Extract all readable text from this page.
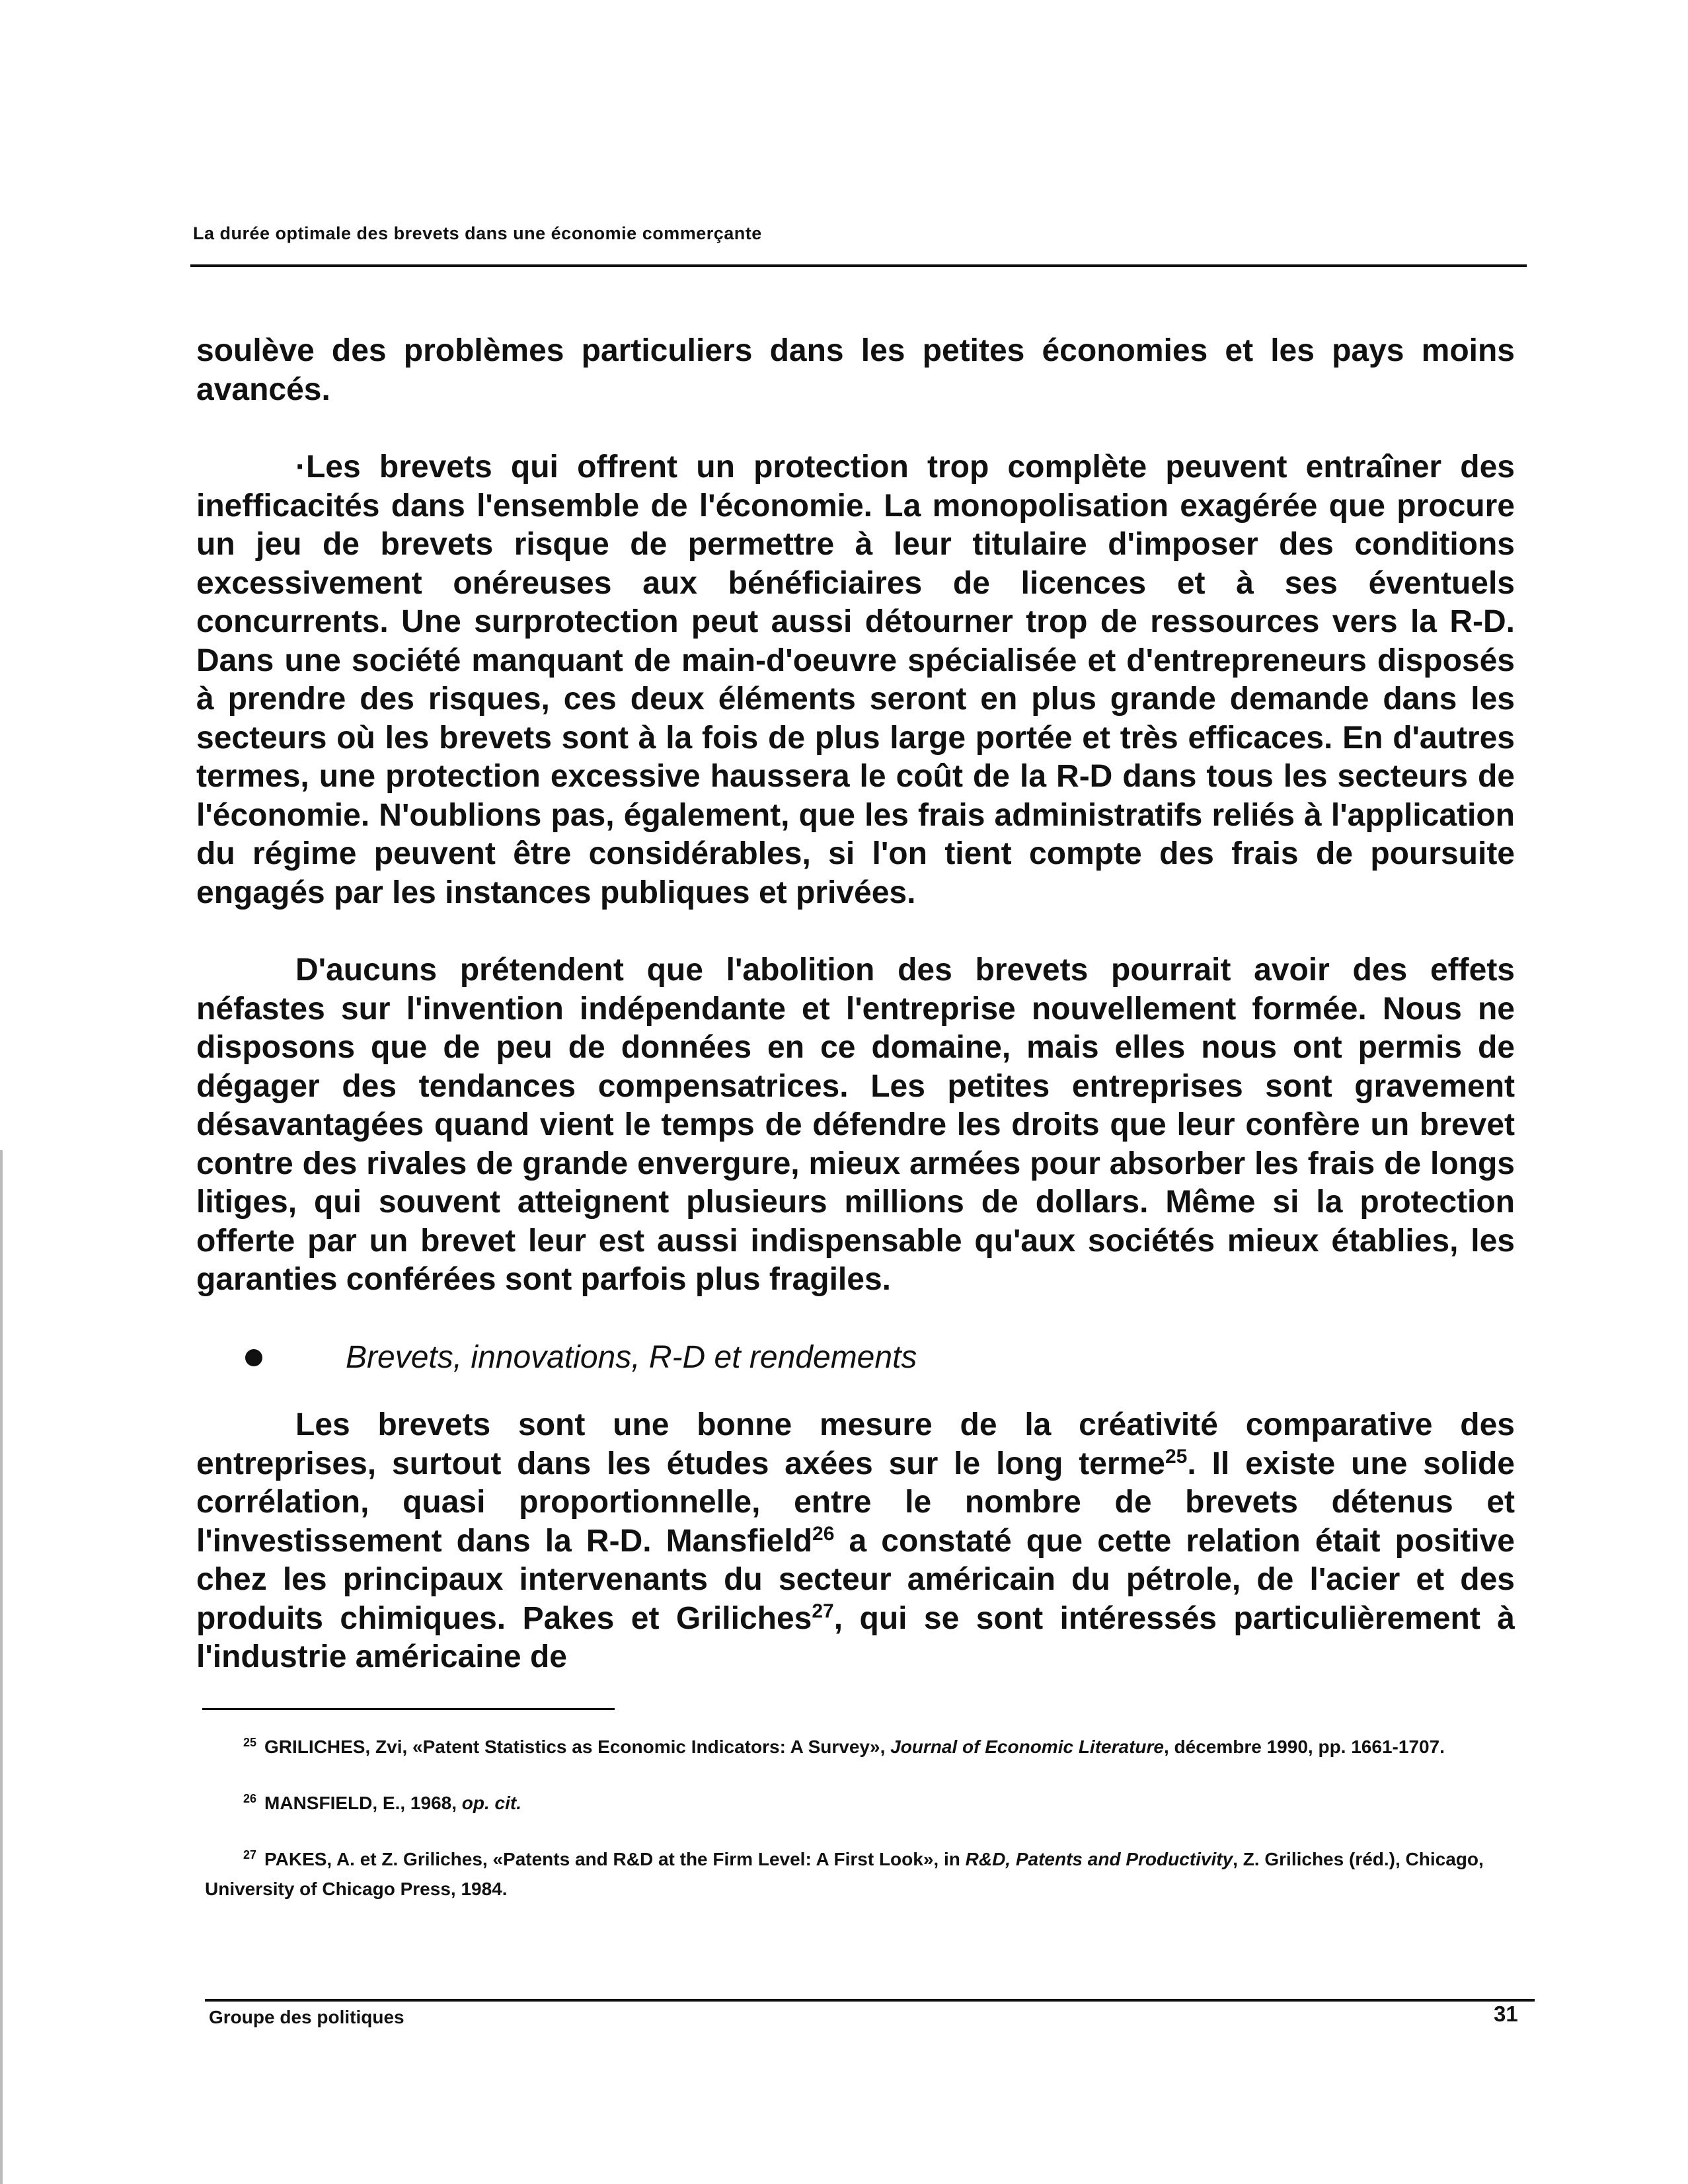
La durée optimale des brevets dans une économie commerçante

soulève des problèmes particuliers dans les petites économies et les pays moins avancés.

·Les brevets qui offrent un protection trop complète peuvent entraîner des inefficacités dans l'ensemble de l'économie. La monopolisation exagérée que procure un jeu de brevets risque de permettre à leur titulaire d'imposer des conditions excessivement onéreuses aux bénéficiaires de licences et à ses éventuels concurrents. Une surprotection peut aussi détourner trop de ressources vers la R-D. Dans une société manquant de main-d'oeuvre spécialisée et d'entrepreneurs disposés à prendre des risques, ces deux éléments seront en plus grande demande dans les secteurs où les brevets sont à la fois de plus large portée et très efficaces. En d'autres termes, une protection excessive haussera le coût de la R-D dans tous les secteurs de l'économie. N'oublions pas, également, que les frais administratifs reliés à l'application du régime peuvent être considérables, si l'on tient compte des frais de poursuite engagés par les instances publiques et privées.

D'aucuns prétendent que l'abolition des brevets pourrait avoir des effets néfastes sur l'invention indépendante et l'entreprise nouvellement formée. Nous ne disposons que de peu de données en ce domaine, mais elles nous ont permis de dégager des tendances compensatrices. Les petites entreprises sont gravement désavantagées quand vient le temps de défendre les droits que leur confère un brevet contre des rivales de grande envergure, mieux armées pour absorber les frais de longs litiges, qui souvent atteignent plusieurs millions de dollars. Même si la protection offerte par un brevet leur est aussi indispensable qu'aux sociétés mieux établies, les garanties conférées sont parfois plus fragiles.

Brevets, innovations, R-D et rendements

Les brevets sont une bonne mesure de la créativité comparative des entreprises, surtout dans les études axées sur le long terme$^{25}$. Il existe une solide corrélation, quasi proportionnelle, entre le nombre de brevets détenus et l'investissement dans la R-D. Mansfield$^{26}$ a constaté que cette relation était positive chez les principaux intervenants du secteur américain du pétrole, de l'acier et des produits chimiques. Pakes et Griliches$^{27}$, qui se sont intéressés particulièrement à l'industrie américaine de

$^{25}$ GRILICHES, Zvi, «Patent Statistics as Economic Indicators: A Survey», Journal of Economic Literature, décembre 1990, pp. 1661-1707.

$^{26}$ MANSFIELD, E., 1968, op. cit.

$^{27}$ PAKES, A. et Z. Griliches, «Patents and R&D at the Firm Level: A First Look», in R&D, Patents and Productivity, Z. Griliches (réd.), Chicago, University of Chicago Press, 1984.

Groupe des politiques	31
